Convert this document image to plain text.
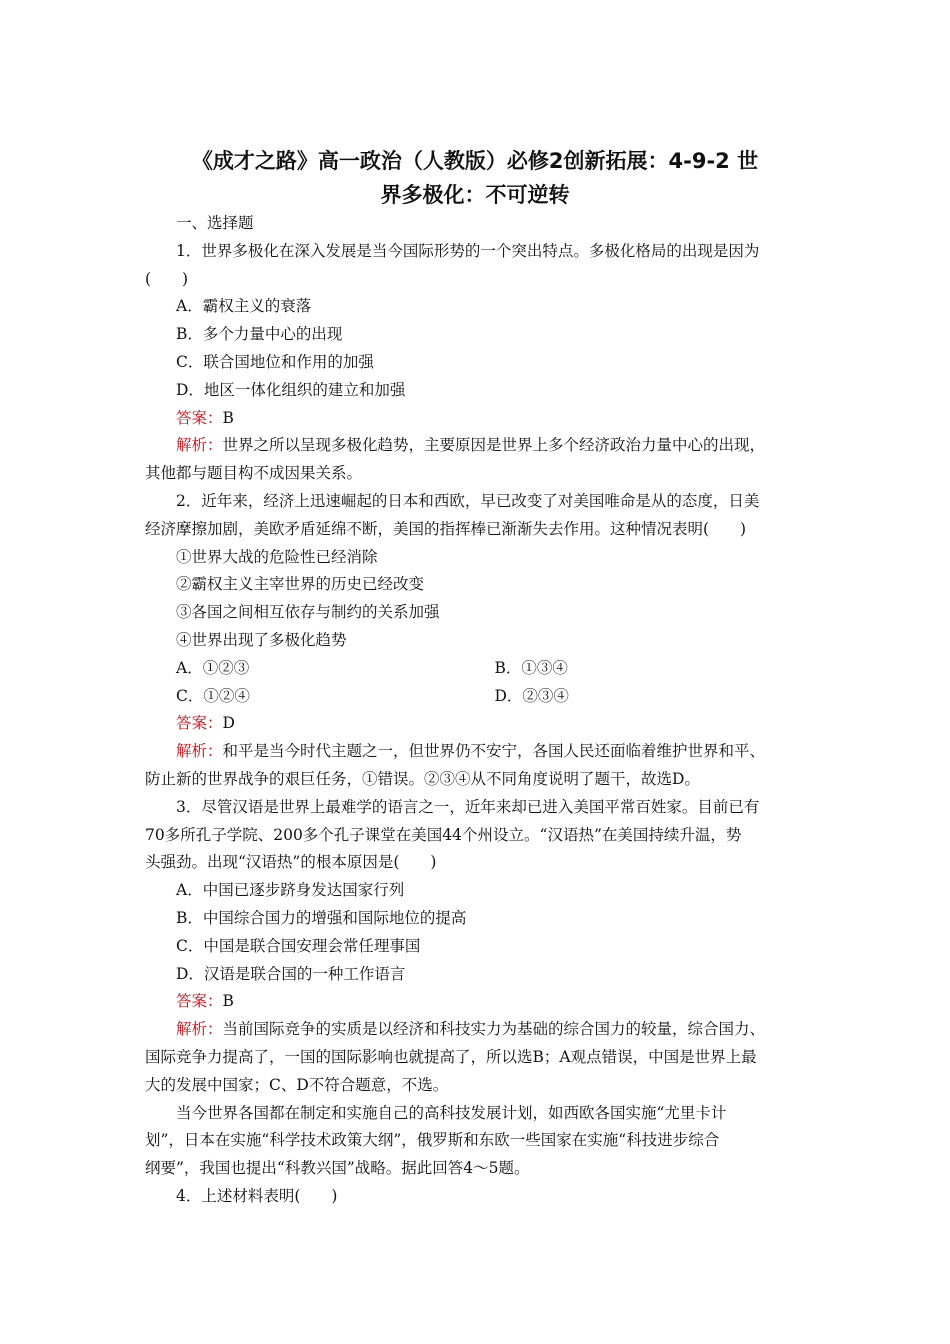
《成才之路》高一政治（人教版）必修2创新拓展：4-9-2 世
界多极化：不可逆转
一、选择题
1．世界多极化在深入发展是当今国际形势的一个突出特点。多极化格局的出现是因为
(　　)
A．霸权主义的衰落
B．多个力量中心的出现
C．联合国地位和作用的加强
D．地区一体化组织的建立和加强
答案：B
解析：世界之所以呈现多极化趋势，主要原因是世界上多个经济政治力量中心的出现，
其他都与题目构不成因果关系。
2．近年来，经济上迅速崛起的日本和西欧，早已改变了对美国唯命是从的态度，日美
经济摩擦加剧，美欧矛盾延绵不断，美国的指挥棒已渐渐失去作用。这种情况表明(　　)
①世界大战的危险性已经消除
②霸权主义主宰世界的历史已经改变
③各国之间相互依存与制约的关系加强
④世界出现了多极化趋势
A．①②③	B．①③④
C．①②④	D．②③④
答案：D
解析：和平是当今时代主题之一，但世界仍不安宁，各国人民还面临着维护世界和平、
防止新的世界战争的艰巨任务，①错误。②③④从不同角度说明了题干，故选D。
3．尽管汉语是世界上最难学的语言之一，近年来却已进入美国平常百姓家。目前已有
70多所孔子学院、200多个孔子课堂在美国44个州设立。“汉语热”在美国持续升温，势
头强劲。出现“汉语热”的根本原因是(　　)
A．中国已逐步跻身发达国家行列
B．中国综合国力的增强和国际地位的提高
C．中国是联合国安理会常任理事国
D．汉语是联合国的一种工作语言
答案：B
解析：当前国际竞争的实质是以经济和科技实力为基础的综合国力的较量，综合国力、
国际竞争力提高了，一国的国际影响也就提高了，所以选B；A观点错误，中国是世界上最
大的发展中国家；C、D不符合题意，不选。
当今世界各国都在制定和实施自己的高科技发展计划，如西欧各国实施“尤里卡计
划”，日本在实施“科学技术政策大纲”，俄罗斯和东欧一些国家在实施“科技进步综合
纲要”，我国也提出“科教兴国”战略。据此回答4～5题。
4．上述材料表明(　　)
